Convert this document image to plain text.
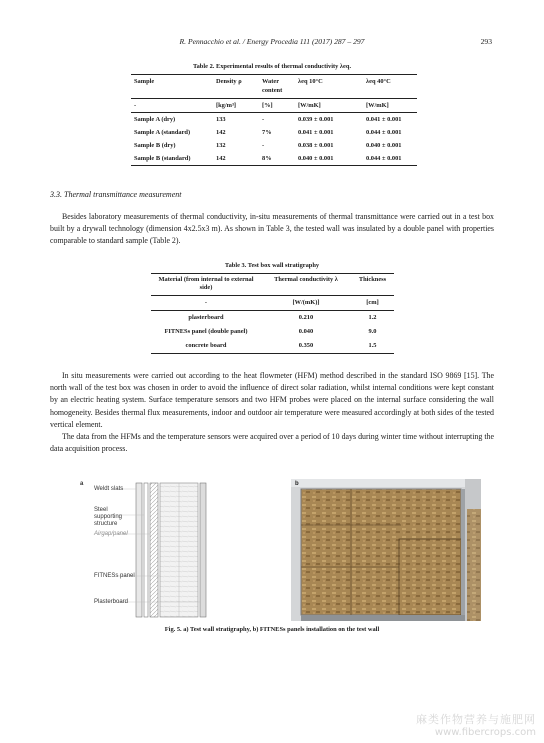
R. Pennacchio et al. / Energy Procedia 111 (2017) 287 – 297	293
Table 2. Experimental results of thermal conductivity λeq.
Sample	Density ρ	Water content	λeq 10°C	λeq 40°C
-	[kg/m³]	[%]	[W/mK]	[W/mK]
Sample A (dry)	133	-	0.039 ± 0.001	0.041 ± 0.001
Sample A (standard)	142	7%	0.041 ± 0.001	0.044 ± 0.001
Sample B (dry)	132	-	0.038 ± 0.001	0.040 ± 0.001
Sample B (standard)	142	8%	0.040 ± 0.001	0.044 ± 0.001
3.3. Thermal transmittance measurement

Besides laboratory measurements of thermal conductivity, in-situ measurements of thermal transmittance were carried out in a test box built by a drywall technology (dimension 4x2.5x3 m). As shown in Table 3, the tested wall was insulated by a double panel with properties comparable to standard sample (Table 2).

Table 3. Test box wall stratigraphy
Material (from internal to external side)	Thermal conductivity λ	Thickness
-	[W/(mK)]	[cm]
plasterboard	0.210	1.2
FITNESs panel (double panel)	0.040	9.0
concrete board	0.350	1.5

In situ measurements were carried out according to the heat flowmeter (HFM) method described in the standard ISO 9869 [15]. The north wall of the test box was chosen in order to avoid the influence of direct solar radiation, whilst internal conditions were kept constant by an electric heating system. Surface temperature sensors and two HFM probes were placed on the internal surface considering the wall homogeneity. Besides thermal flux measurements, indoor and outdoor air temperature were measured accordingly at both sides of the tested vertical element.
The data from the HFMs and the temperature sensors were acquired over a period of 10 days during winter time without interrupting the data acquisition process.

a
Weldt slats
Steel supporting structure
Airgap/panel
FITNESs panel
Plasterboard
b
Fig. 5. a) Test wall stratigraphy, b) FITNESs panels installation on the test wall
麻类作物营养与施肥网
www.fibercrops.com
